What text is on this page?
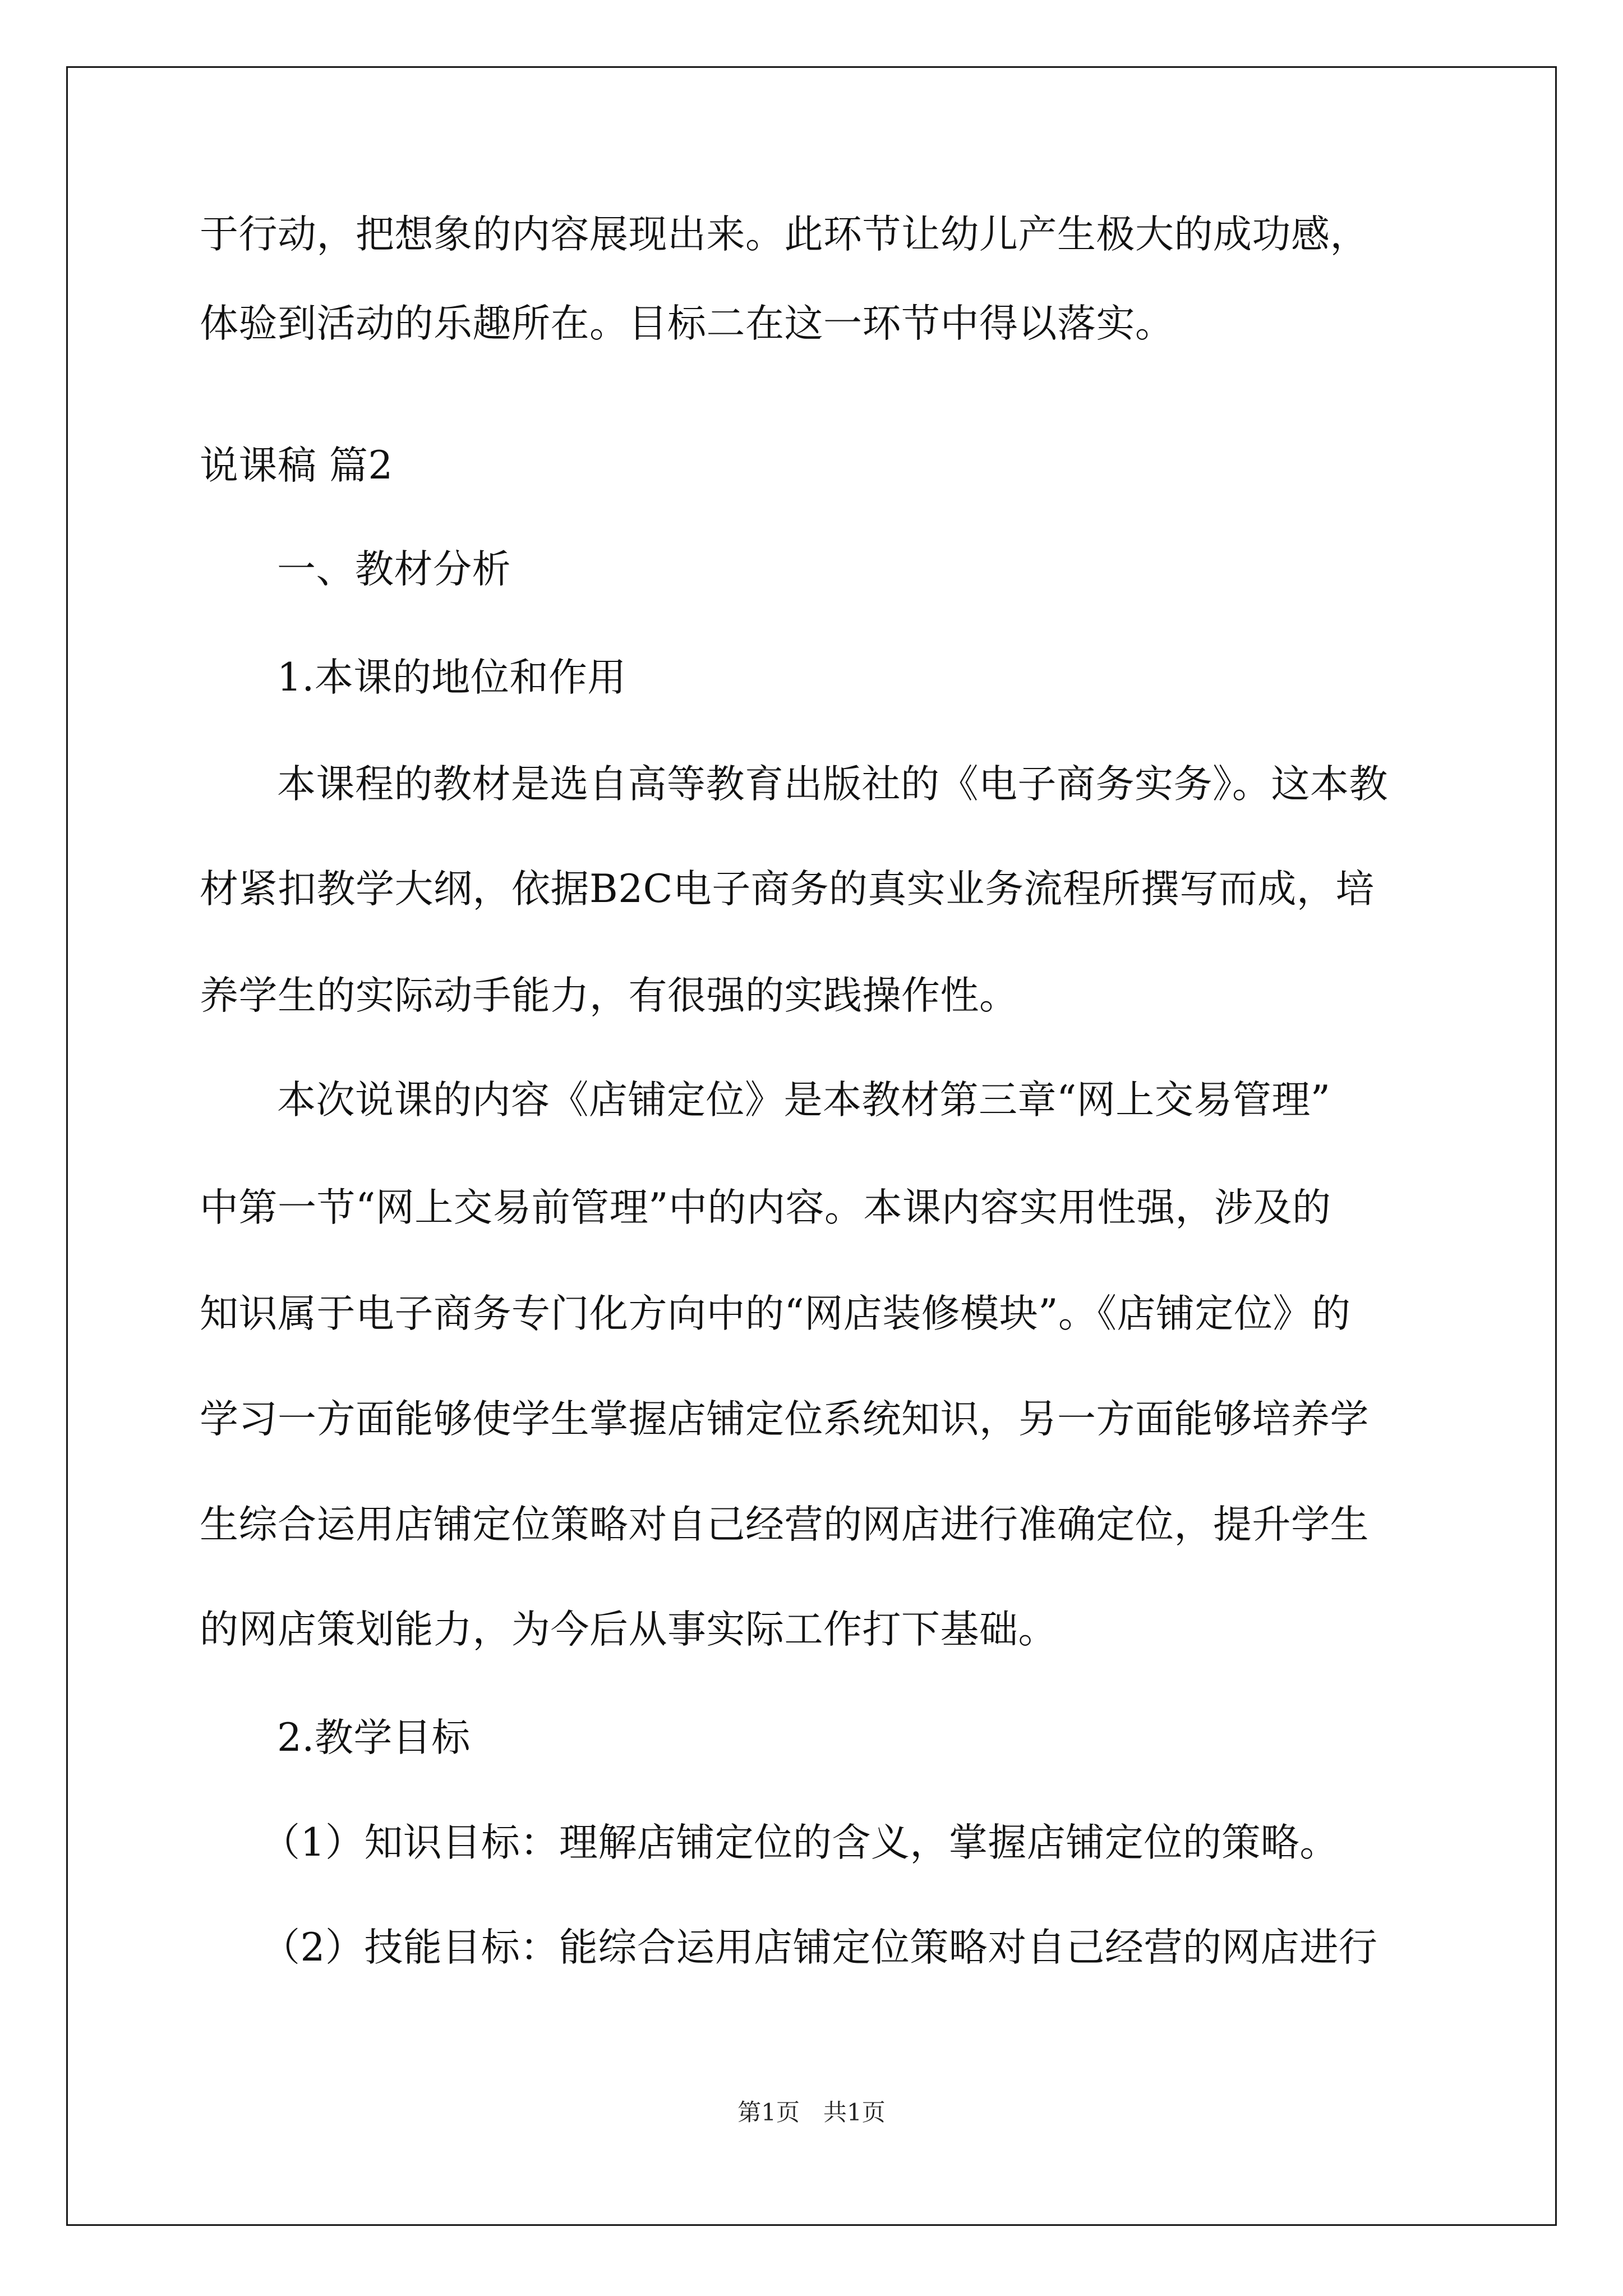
于行动，把想象的内容展现出来。此环节让幼儿产生极大的成功感，
体验到活动的乐趣所在。目标二在这一环节中得以落实。
说课稿 篇2
一、教材分析
1.本课的地位和作用
本课程的教材是选自高等教育出版社的《电子商务实务》。这本教
材紧扣教学大纲，依据B2C电子商务的真实业务流程所撰写而成，培
养学生的实际动手能力，有很强的实践操作性。
本次说课的内容《店铺定位》是本教材第三章“网上交易管理”
中第一节“网上交易前管理”中的内容。本课内容实用性强，涉及的
知识属于电子商务专门化方向中的“网店装修模块”。《店铺定位》的
学习一方面能够使学生掌握店铺定位系统知识，另一方面能够培养学
生综合运用店铺定位策略对自己经营的网店进行准确定位，提升学生
的网店策划能力，为今后从事实际工作打下基础。
2.教学目标
（1）知识目标：理解店铺定位的含义，掌握店铺定位的策略。
（2）技能目标：能综合运用店铺定位策略对自己经营的网店进行
第1页　共1页
